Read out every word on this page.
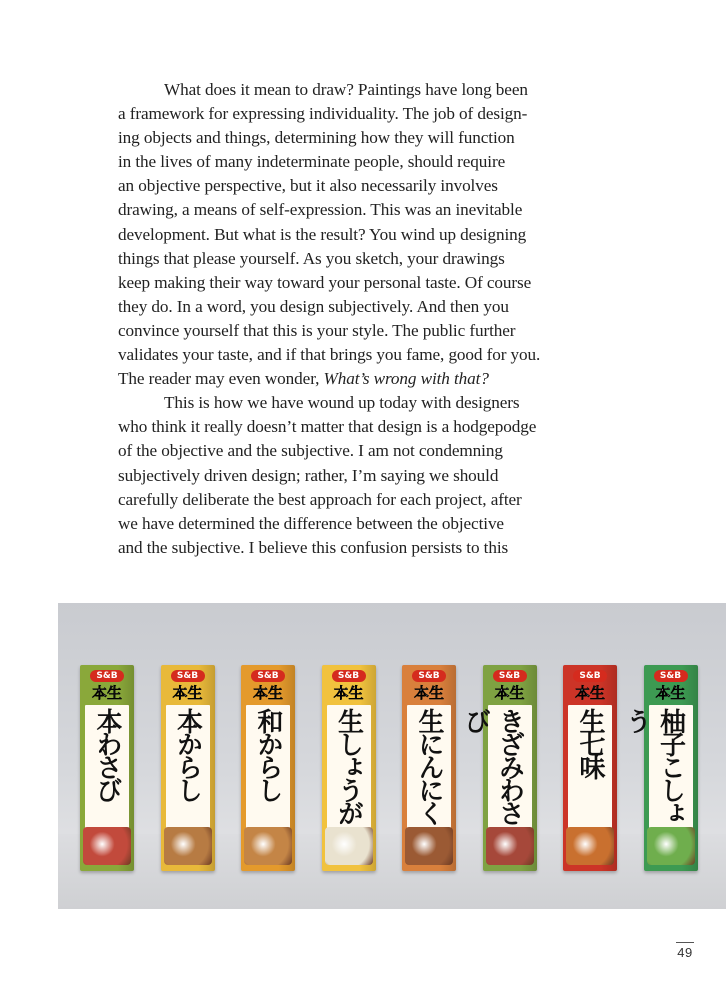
What does it mean to draw? Paintings have long been
a framework for expressing individuality. The job of design-
ing objects and things, determining how they will function
in the lives of many indeterminate people, should require
an objective perspective, but it also necessarily involves
drawing, a means of self-expression. This was an inevitable
development. But what is the result? You wind up designing
things that please yourself. As you sketch, your drawings
keep making their way toward your personal taste. Of course
they do. In a word, you design subjectively. And then you
convince yourself that this is your style. The public further
validates your taste, and if that brings you fame, good for you.
The reader may even wonder, What’s wrong with that?
This is how we have wound up today with designers
who think it really doesn’t matter that design is a hodgepodge
of the objective and the subjective. I am not condemning
subjectively driven design; rather, I’m saying we should
carefully deliberate the best approach for each project, after
we have determined the difference between the objective
and the subjective. I believe this confusion persists to this
S&B
本生
本わさび
S&B
本生
本からし
S&B
本生
和からし
S&B
本生
生しょうが
S&B
本生
生にんにく
S&B
本生
きざみわさび
S&B
本生
生七味
S&B
本生
柚子こしょう
49
